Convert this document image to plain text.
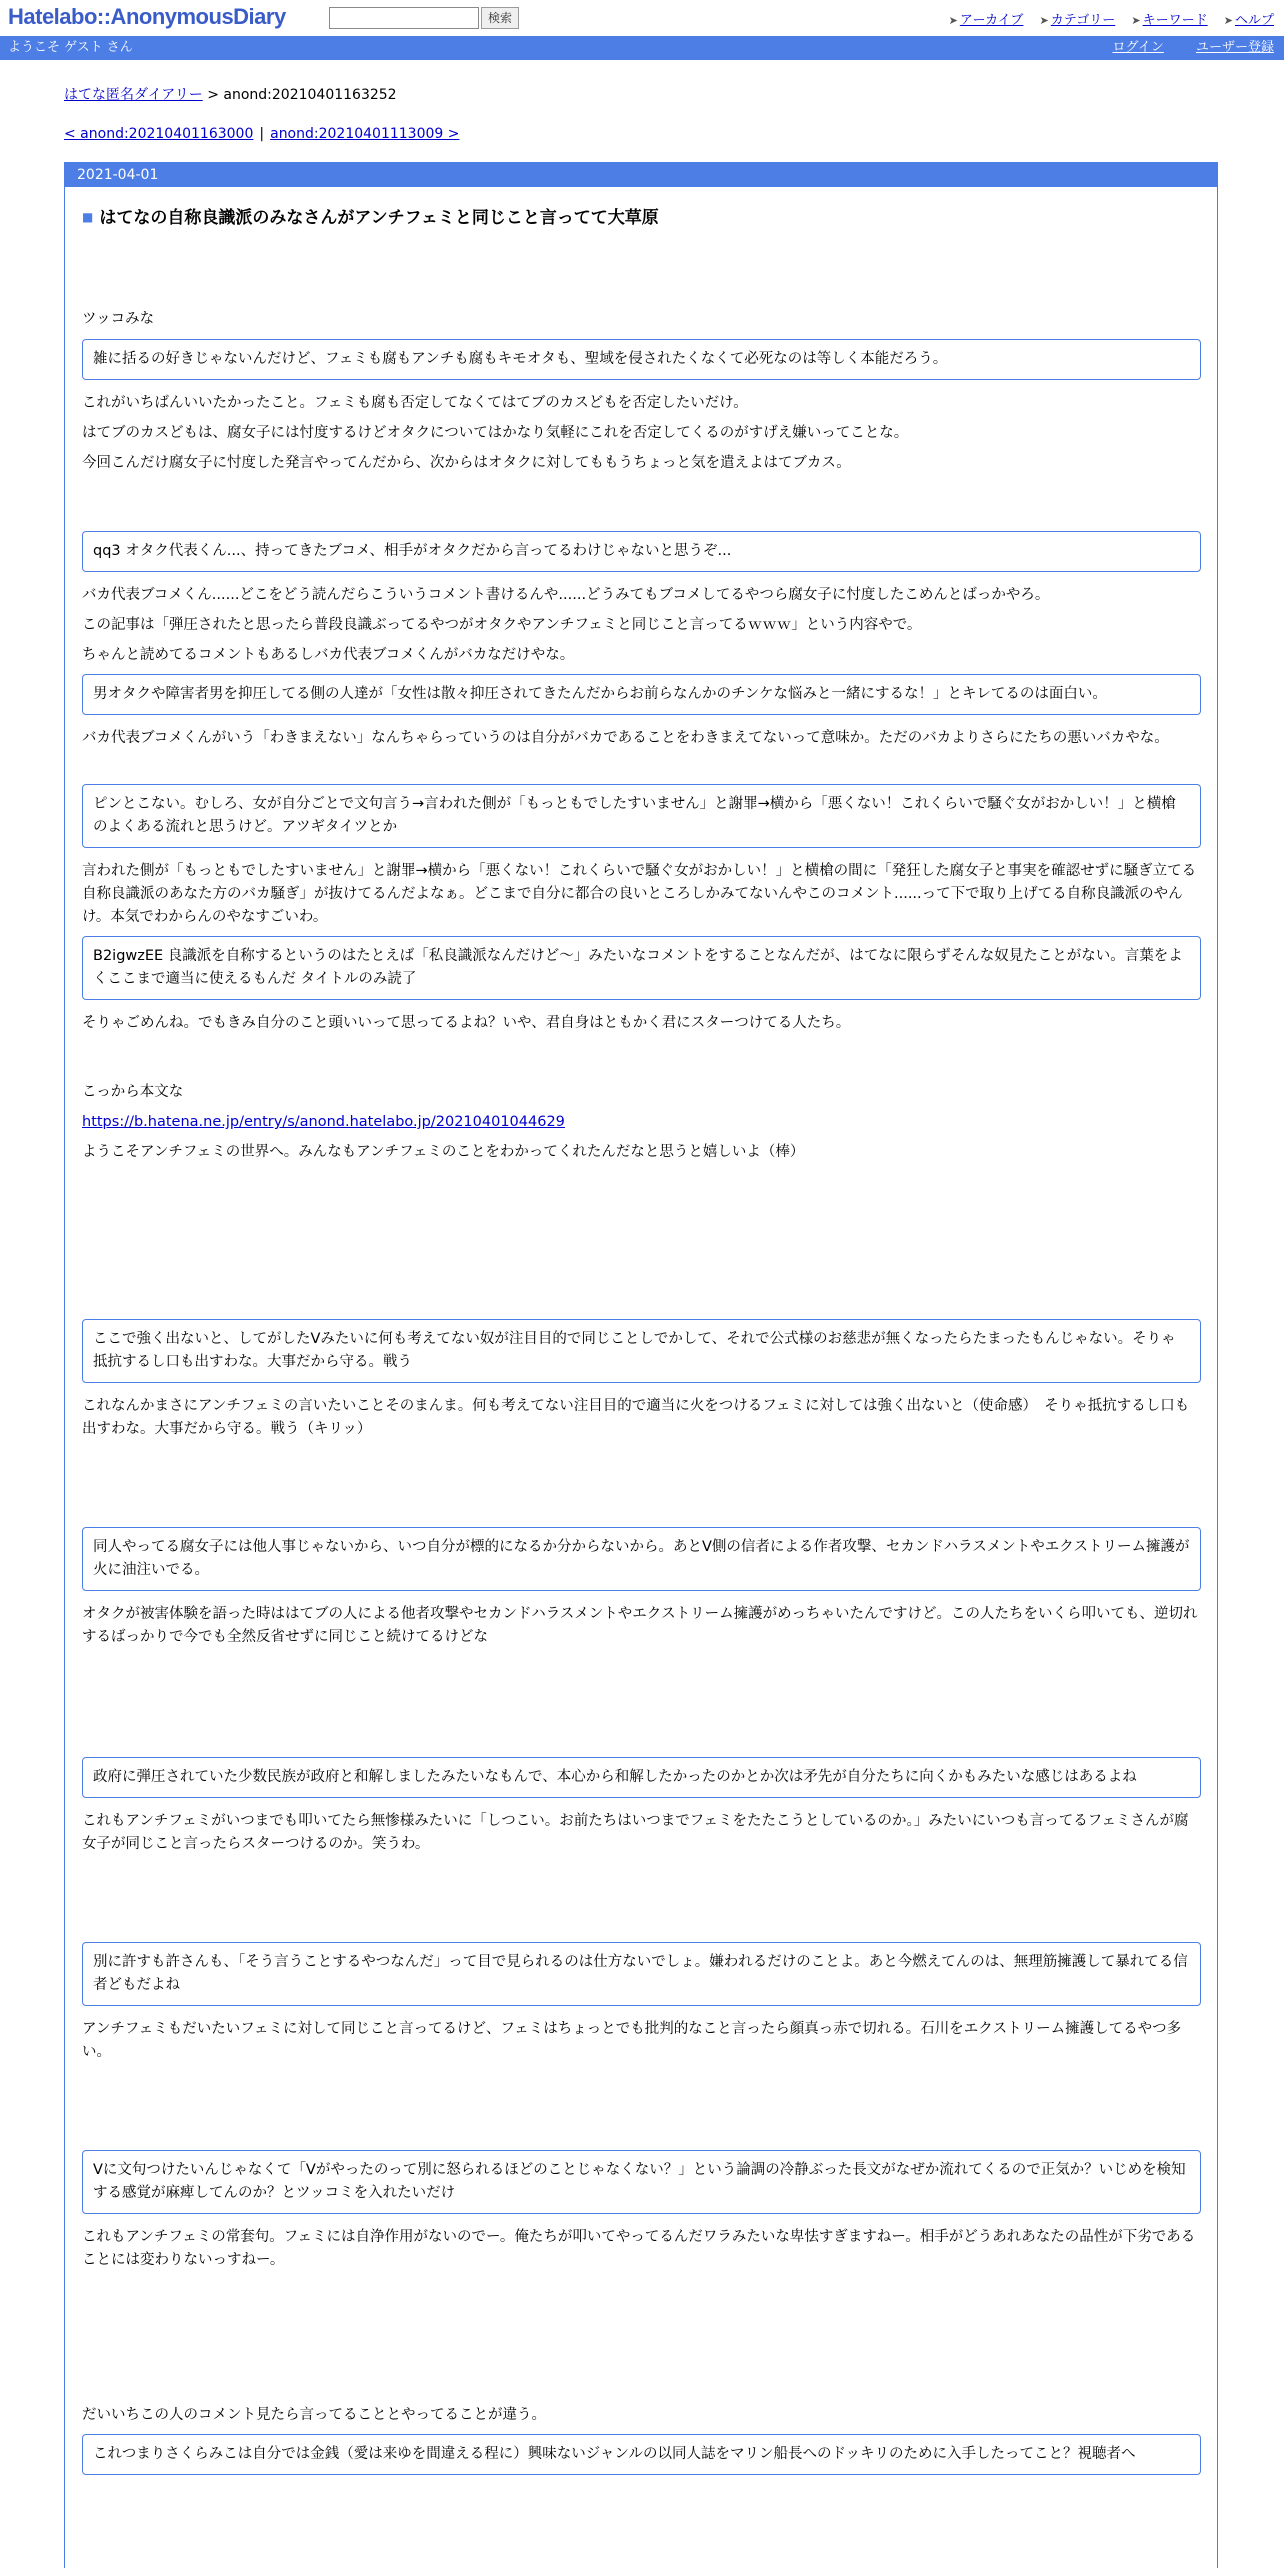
Hatelabo::AnonymousDiary	検索	➤ アーカイブ ➤ カテゴリー ➤ キーワード ➤ ヘルプ
ようこそ ゲスト さん	ログイン ユーザー登録
はてな匿名ダイアリー > anond:20210401163252
< anond:20210401163000 | anond:20210401113009 >
2021-04-01
■ はてなの自称良識派のみなさんがアンチフェミと同じこと言ってて大草原

ツッコみな

雑に括るの好きじゃないんだけど、フェミも腐もアンチも腐もキモオタも、聖域を侵されたくなくて必死なのは等しく本能だろう。

これがいちばんいいたかったこと。フェミも腐も否定してなくてはてブのカスどもを否定したいだけ。

はてブのカスどもは、腐女子には忖度するけどオタクについてはかなり気軽にこれを否定してくるのがすげえ嫌いってことな。

今回こんだけ腐女子に忖度した発言やってんだから、次からはオタクに対してももうちょっと気を遣えよはてブカス。

qq3 オタク代表くん...、持ってきたブコメ、相手がオタクだから言ってるわけじゃないと思うぞ...

バカ代表ブコメくん......どこをどう読んだらこういうコメント書けるんや......どうみてもブコメしてるやつら腐女子に忖度したこめんとばっかやろ。

この記事は「弾圧されたと思ったら普段良識ぶってるやつがオタクやアンチフェミと同じこと言ってるｗｗｗ」という内容やで。

ちゃんと読めてるコメントもあるしバカ代表ブコメくんがバカなだけやな。

男オタクや障害者男を抑圧してる側の人達が「女性は散々抑圧されてきたんだからお前らなんかのチンケな悩みと一緒にするな！」とキレてるのは面白い。

バカ代表ブコメくんがいう「わきまえない」なんちゃらっていうのは自分がバカであることをわきまえてないって意味か。ただのバカよりさらにたちの悪いバカやな。

ピンとこない。むしろ、女が自分ごとで文句言う→言われた側が「もっともでしたすいません」と謝罪→横から「悪くない！これくらいで騒ぐ女がおかしい！」と横槍　のよくある流れと思うけど。アツギタイツとか

言われた側が「もっともでしたすいません」と謝罪→横から「悪くない！これくらいで騒ぐ女がおかしい！」と横槍の間に「発狂した腐女子と事実を確認せずに騒ぎ立てる自称良識派のあなた方のバカ騒ぎ」が抜けてるんだよなぁ。どこまで自分に都合の良いところしかみてないんやこのコメント......って下で取り上げてる自称良識派のやんけ。本気でわからんのやなすごいわ。

B2igwzEE 良識派を自称するというのはたとえば「私良識派なんだけど～」みたいなコメントをすることなんだが、はてなに限らずそんな奴見たことがない。言葉をよくここまで適当に使えるもんだ タイトルのみ読了

そりゃごめんね。でもきみ自分のこと頭いいって思ってるよね？いや、君自身はともかく君にスターつけてる人たち。

こっから本文な

https://b.hatena.ne.jp/entry/s/anond.hatelabo.jp/20210401044629

ようこそアンチフェミの世界へ。みんなもアンチフェミのことをわかってくれたんだなと思うと嬉しいよ（棒）

ここで強く出ないと、してがしたVみたいに何も考えてない奴が注目目的で同じことしでかして、それで公式様のお慈悲が無くなったらたまったもんじゃない。そりゃ抵抗するし口も出すわな。大事だから守る。戦う

これなんかまさにアンチフェミの言いたいことそのまんま。何も考えてない注目目的で適当に火をつけるフェミに対しては強く出ないと（使命感）　そりゃ抵抗するし口も出すわな。大事だから守る。戦う（キリッ）

同人やってる腐女子には他人事じゃないから、いつ自分が標的になるか分からないから。あとV側の信者による作者攻撃、セカンドハラスメントやエクストリーム擁護が火に油注いでる。

オタクが被害体験を語った時ははてブの人による他者攻撃やセカンドハラスメントやエクストリーム擁護がめっちゃいたんですけど。この人たちをいくら叩いても、逆切れするばっかりで今でも全然反省せずに同じこと続けてるけどな

政府に弾圧されていた少数民族が政府と和解しましたみたいなもんで、本心から和解したかったのかとか次は矛先が自分たちに向くかもみたいな感じはあるよね

これもアンチフェミがいつまでも叩いてたら無惨様みたいに「しつこい。お前たちはいつまでフェミをたたこうとしているのか。」みたいにいつも言ってるフェミさんが腐女子が同じこと言ったらスターつけるのか。笑うわ。

別に許すも許さんも、「そう言うことするやつなんだ」って目で見られるのは仕方ないでしょ。嫌われるだけのことよ。あと今燃えてんのは、無理筋擁護して暴れてる信者どもだよね

アンチフェミもだいたいフェミに対して同じこと言ってるけど、フェミはちょっとでも批判的なこと言ったら顔真っ赤で切れる。石川をエクストリーム擁護してるやつ多い。

Vに文句つけたいんじゃなくて「Vがやったのって別に怒られるほどのことじゃなくない？」という論調の冷静ぶった長文がなぜか流れてくるので正気か？いじめを検知する感覚が麻痺してんのか？とツッコミを入れたいだけ

これもアンチフェミの常套句。フェミには自浄作用がないのでー。俺たちが叩いてやってるんだワラみたいな卑怯すぎますねー。相手がどうあれあなたの品性が下劣であることには変わりないっすねー。

だいいちこの人のコメント見たら言ってることとやってることが違う。

これつまりさくらみこは自分では金銭（愛は来ゆを間違える程に）興味ないジャンルの以同人誌をマリン船長へのドッキリのために入手したってこと？視聴者へ
